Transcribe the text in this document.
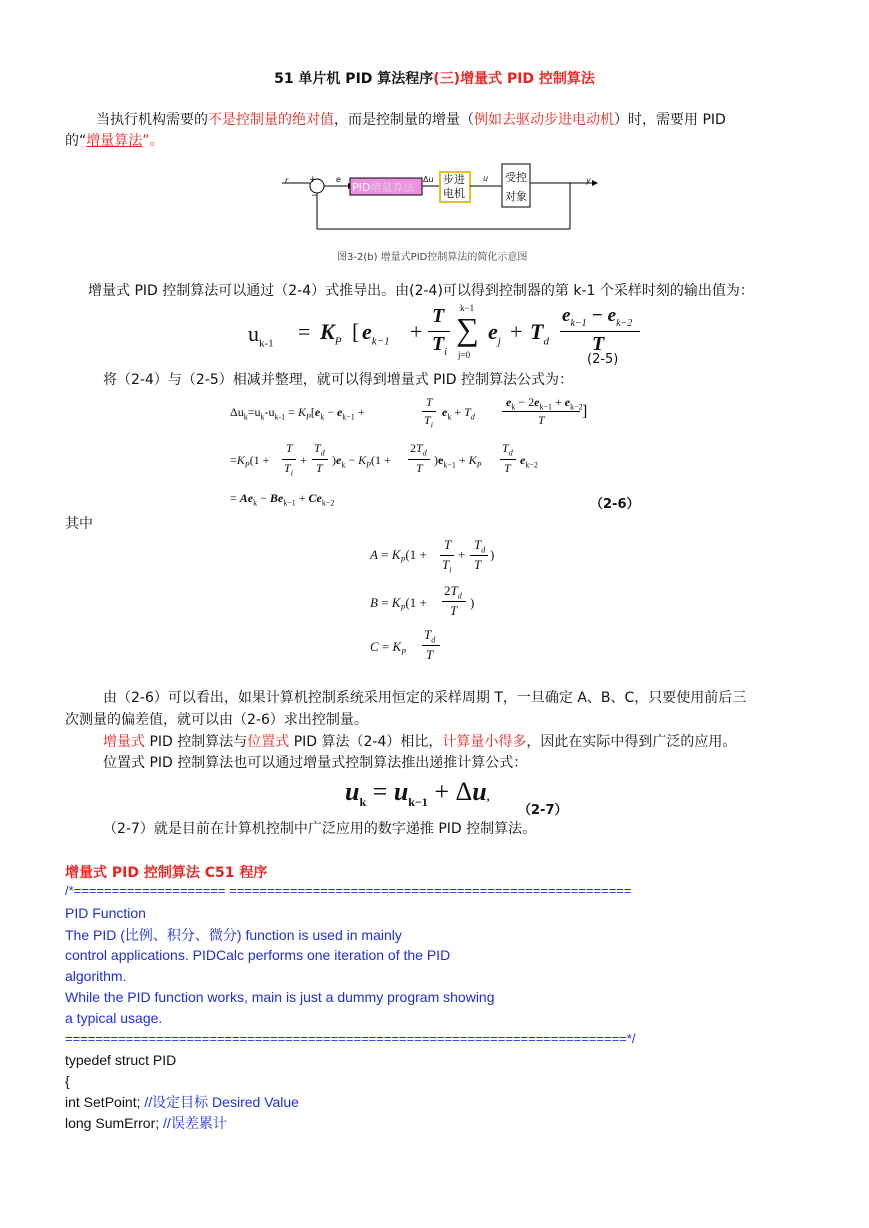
51 单片机 PID 算法程序(三)增量式 PID 控制算法
当执行机构需要的不是控制量的绝对值，而是控制量的增量（例如去驱动步进电动机）时，需要用 PID
的“增量算法”。
r + e
−
PID增量算法
Δu 步进
电机
u 受控
对象
y
图3-2(b) 增量式PID控制算法的简化示意图
增量式 PID 控制算法可以通过（2-4）式推导出。由(2-4)可以得到控制器的第 k-1 个采样时刻的输出值为：
$u_{k-1} = K_P$ [ $e_{k-1}$ +
T
$T_i$
k−1
∑
j=0
$e_j + T_d$
$e_{k-1} - e_{k-2}$
T
(2-5)
将（2-4）与（2-5）相减并整理，就可以得到增量式 PID 控制算法公式为：
$\Delta u_k=u_k-u_{k-1} = K_P[e_k - e_{k-1}$ +
T
$T_i$
$e_k + T_d$
$e_k - 2e_{k-1} + e_{k-2}$
T ]
$=K_P(1$ +
T
$T_i$
+
$T_d$
T
)$e_k - K_P(1$ +
$2T_d$
T
)$e_{k-1} + K_P$
$T_d$
T
$e_{k-2}$
= $Ae_k - Be_{k-1} + Ce_{k-2}$	（2-6）
其中
$A = K_P(1$ +
T
$T_i$
+
$T_d$
T
)
$B = K_P(1$ +
$2T_d$
T
)
$C = K_P$
$T_d$
T
由（2-6）可以看出，如果计算机控制系统采用恒定的采样周期 T，一旦确定 A、B、C，只要使用前后三
次测量的偏差值，就可以由（2-6）求出控制量。
增量式 PID 控制算法与位置式 PID 算法（2-4）相比，计算量小得多，因此在实际中得到广泛的应用。
位置式 PID 控制算法也可以通过增量式控制算法推出递推计算公式：
$u_k = u_{k-1} + \Delta u$,
（2-7）
（2-7）就是目前在计算机控制中广泛应用的数字递推 PID 控制算法。
增量式 PID 控制算法 C51 程序
/*==================== =====================================================
PID Function
The PID (比例、积分、微分) function is used in mainly
control applications. PIDCalc performs one iteration of the PID
algorithm.
While the PID function works, main is just a dummy program showing
a typical usage.
==========================================================================*/
typedef struct PID
{
int SetPoint; //设定目标 Desired Value
long SumError; //误差累计
